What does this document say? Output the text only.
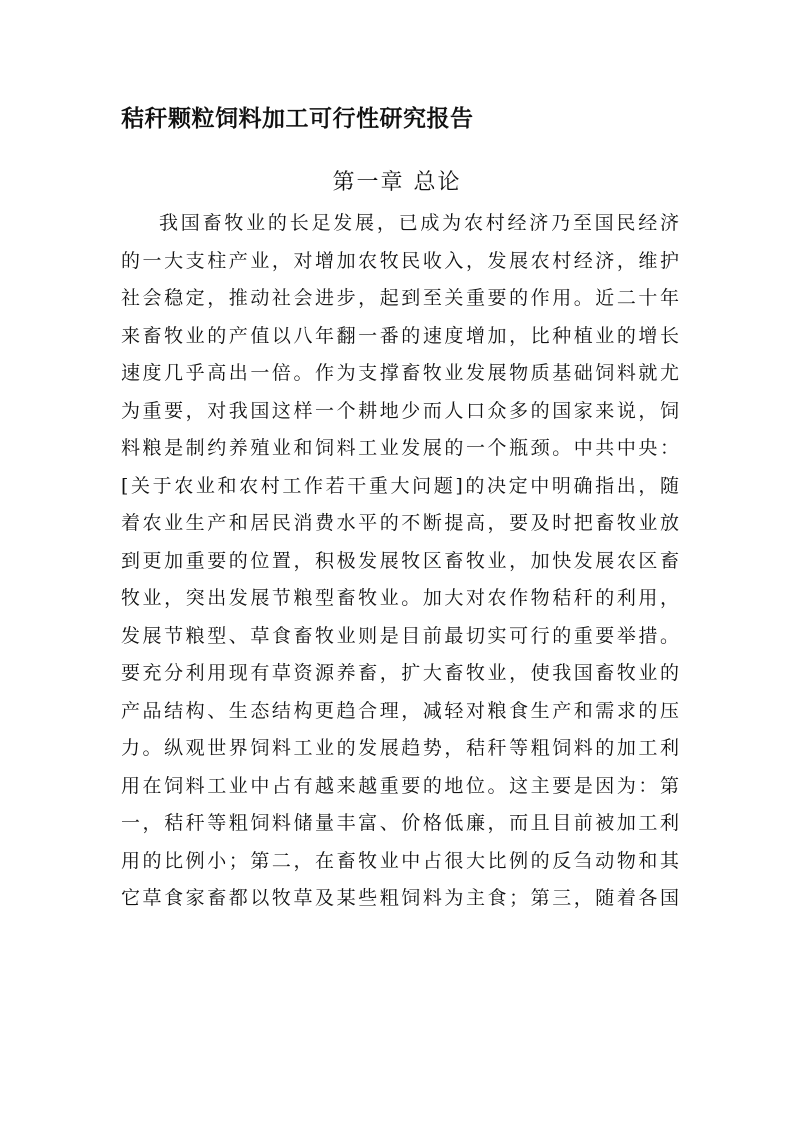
秸秆颗粒饲料加工可行性研究报告
第一章 总论
我国畜牧业的长足发展，已成为农村经济乃至国民经济
的一大支柱产业，对增加农牧民收入，发展农村经济，维护
社会稳定，推动社会进步，起到至关重要的作用。近二十年
来畜牧业的产值以八年翻一番的速度增加，比种植业的增长
速度几乎高出一倍。作为支撑畜牧业发展物质基础饲料就尤
为重要，对我国这样一个耕地少而人口众多的国家来说，饲
料粮是制约养殖业和饲料工业发展的一个瓶颈。中共中央：
[关于农业和农村工作若干重大问题]的决定中明确指出，随
着农业生产和居民消费水平的不断提高，要及时把畜牧业放
到更加重要的位置，积极发展牧区畜牧业，加快发展农区畜
牧业，突出发展节粮型畜牧业。加大对农作物秸秆的利用，
发展节粮型、草食畜牧业则是目前最切实可行的重要举措。
要充分利用现有草资源养畜，扩大畜牧业，使我国畜牧业的
产品结构、生态结构更趋合理，减轻对粮食生产和需求的压
力。纵观世界饲料工业的发展趋势，秸秆等粗饲料的加工利
用在饲料工业中占有越来越重要的地位。这主要是因为：第
一，秸秆等粗饲料储量丰富、价格低廉，而且目前被加工利
用的比例小；第二，在畜牧业中占很大比例的反刍动物和其
它草食家畜都以牧草及某些粗饲料为主食；第三，随着各国
